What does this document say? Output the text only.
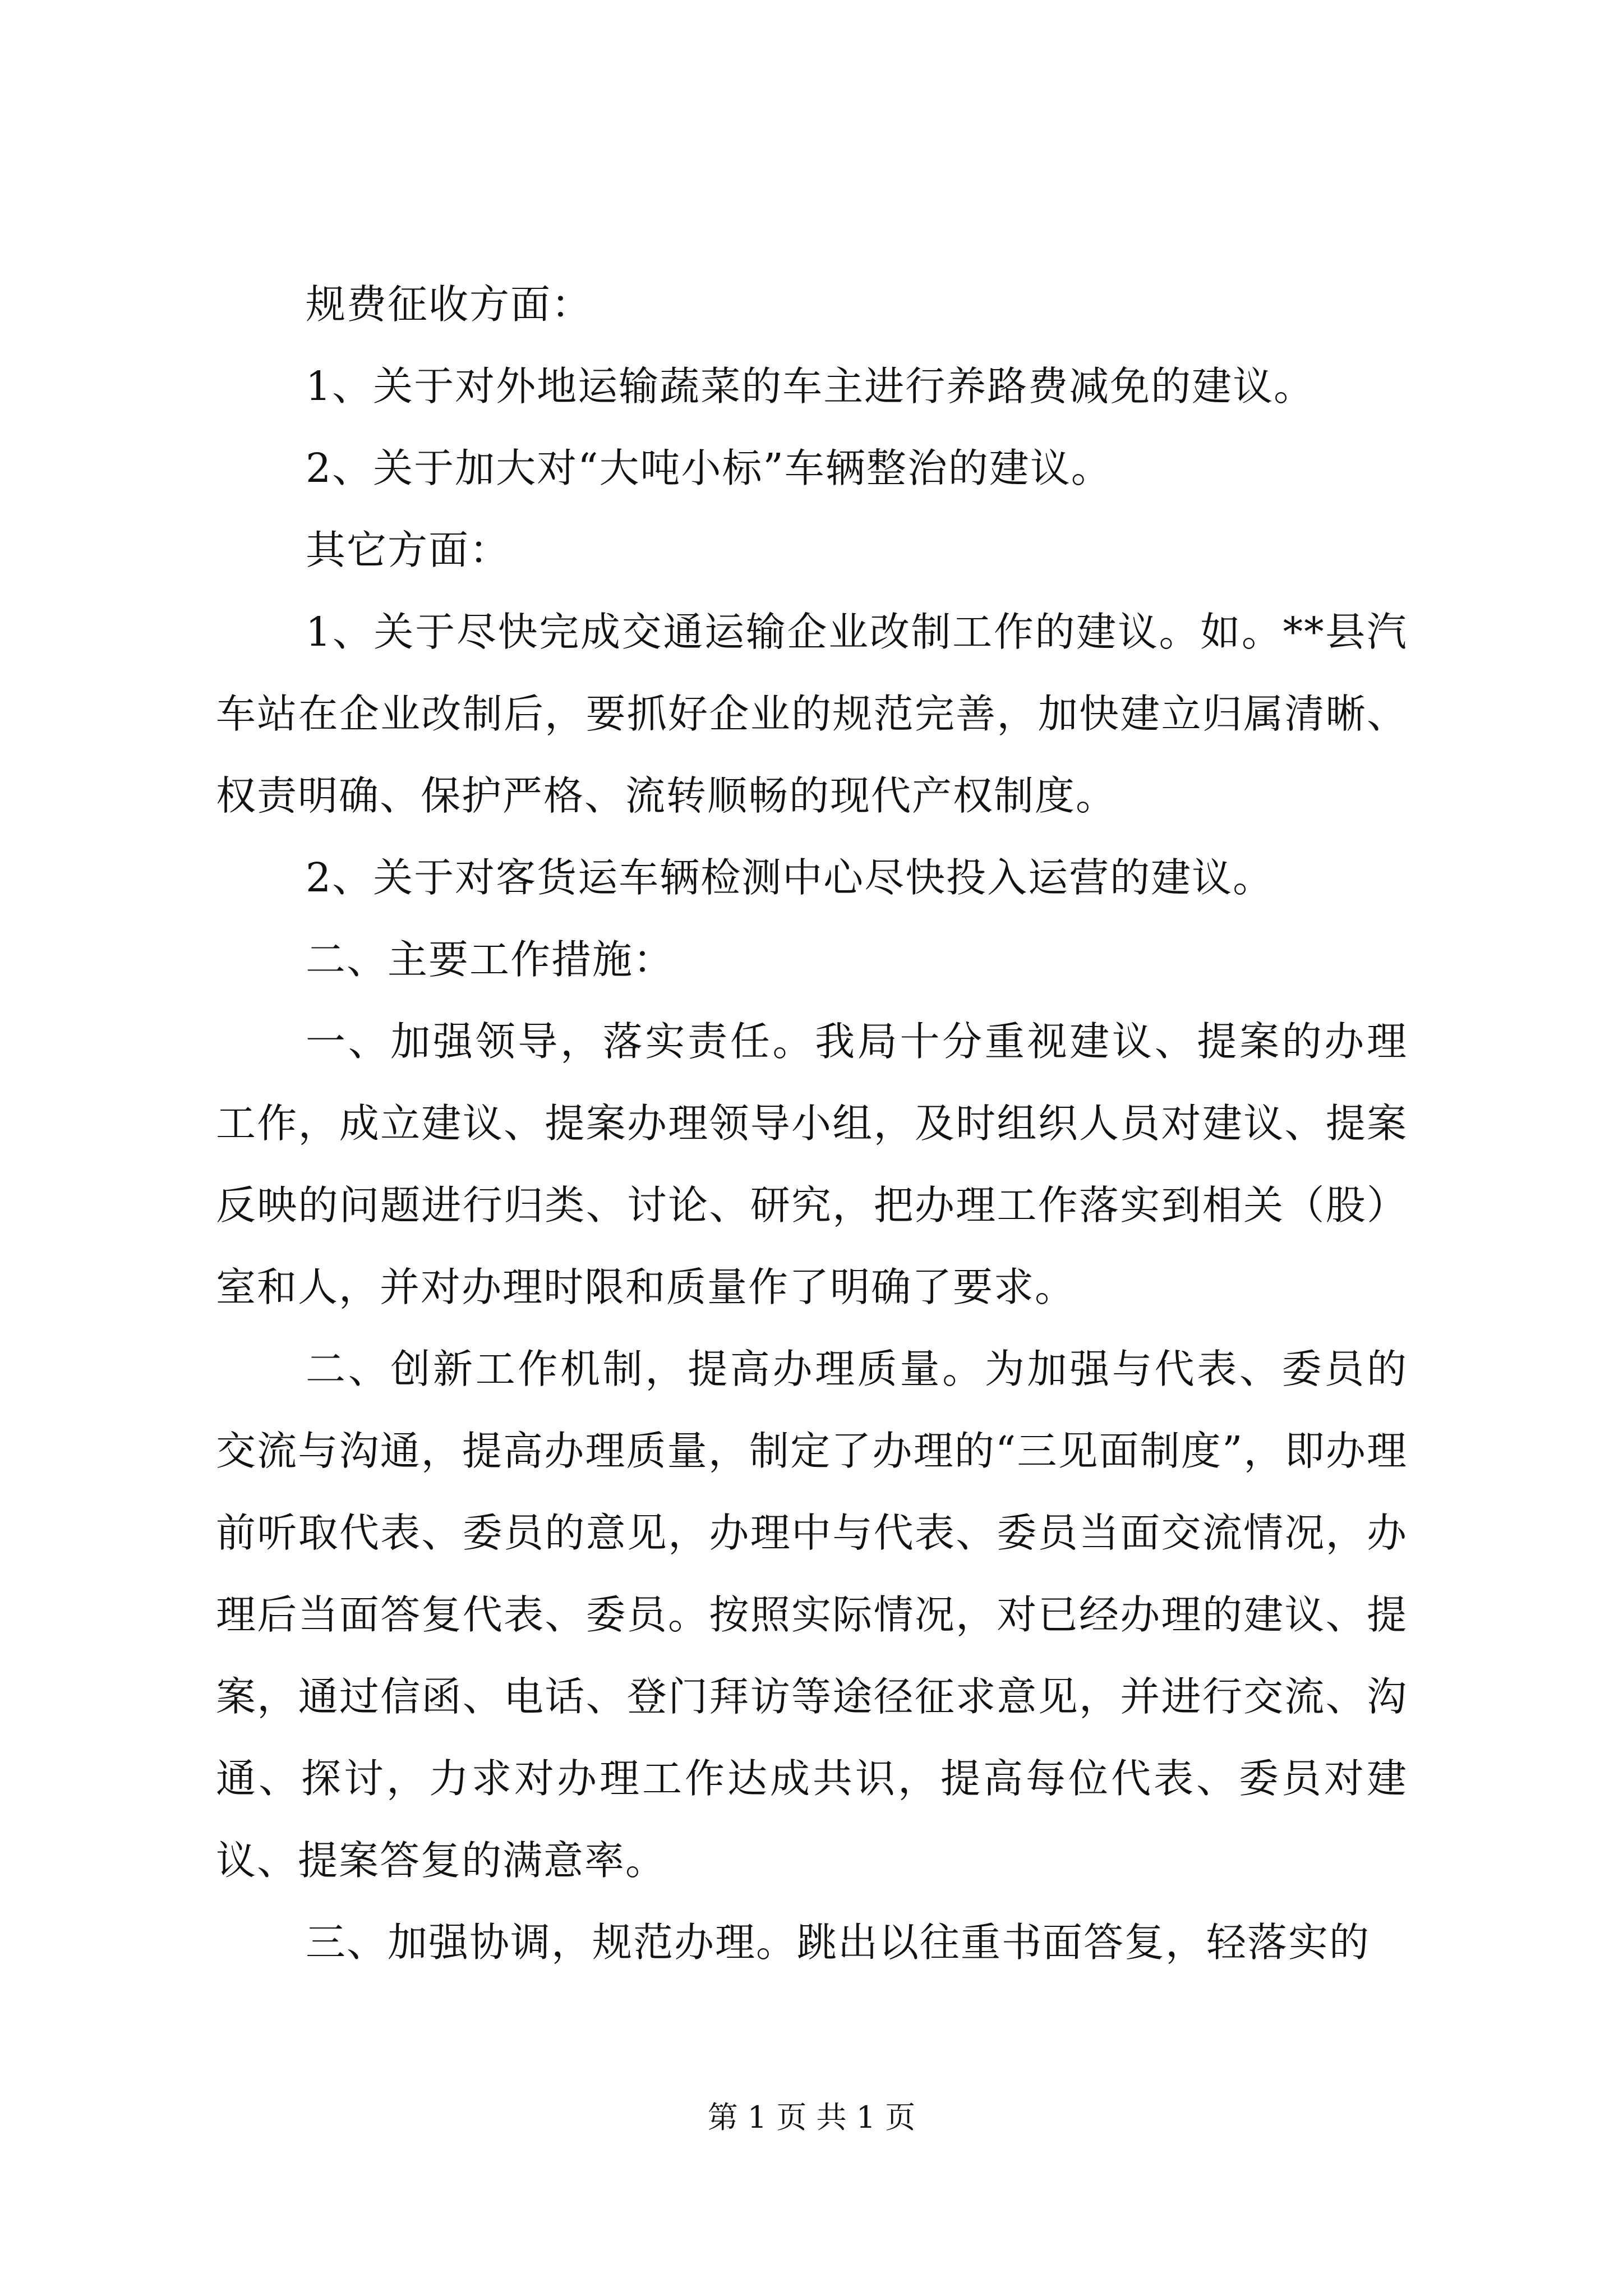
规费征收方面：

1、关于对外地运输蔬菜的车主进行养路费减免的建议。

2、关于加大对“大吨小标”车辆整治的建议。

其它方面：

1、关于尽快完成交通运输企业改制工作的建议。如。**县汽车站在企业改制后，要抓好企业的规范完善，加快建立归属清晰、权责明确、保护严格、流转顺畅的现代产权制度。

2、关于对客货运车辆检测中心尽快投入运营的建议。

二、主要工作措施：

一、加强领导，落实责任。我局十分重视建议、提案的办理工作，成立建议、提案办理领导小组，及时组织人员对建议、提案反映的问题进行归类、讨论、研究，把办理工作落实到相关（股）室和人，并对办理时限和质量作了明确了要求。

二、创新工作机制，提高办理质量。为加强与代表、委员的交流与沟通，提高办理质量，制定了办理的“三见面制度”，即办理前听取代表、委员的意见，办理中与代表、委员当面交流情况，办理后当面答复代表、委员。按照实际情况，对已经办理的建议、提案，通过信函、电话、登门拜访等途径征求意见，并进行交流、沟通、探讨，力求对办理工作达成共识，提高每位代表、委员对建议、提案答复的满意率。

三、加强协调，规范办理。跳出以往重书面答复，轻落实的

第 1 页 共 1 页
